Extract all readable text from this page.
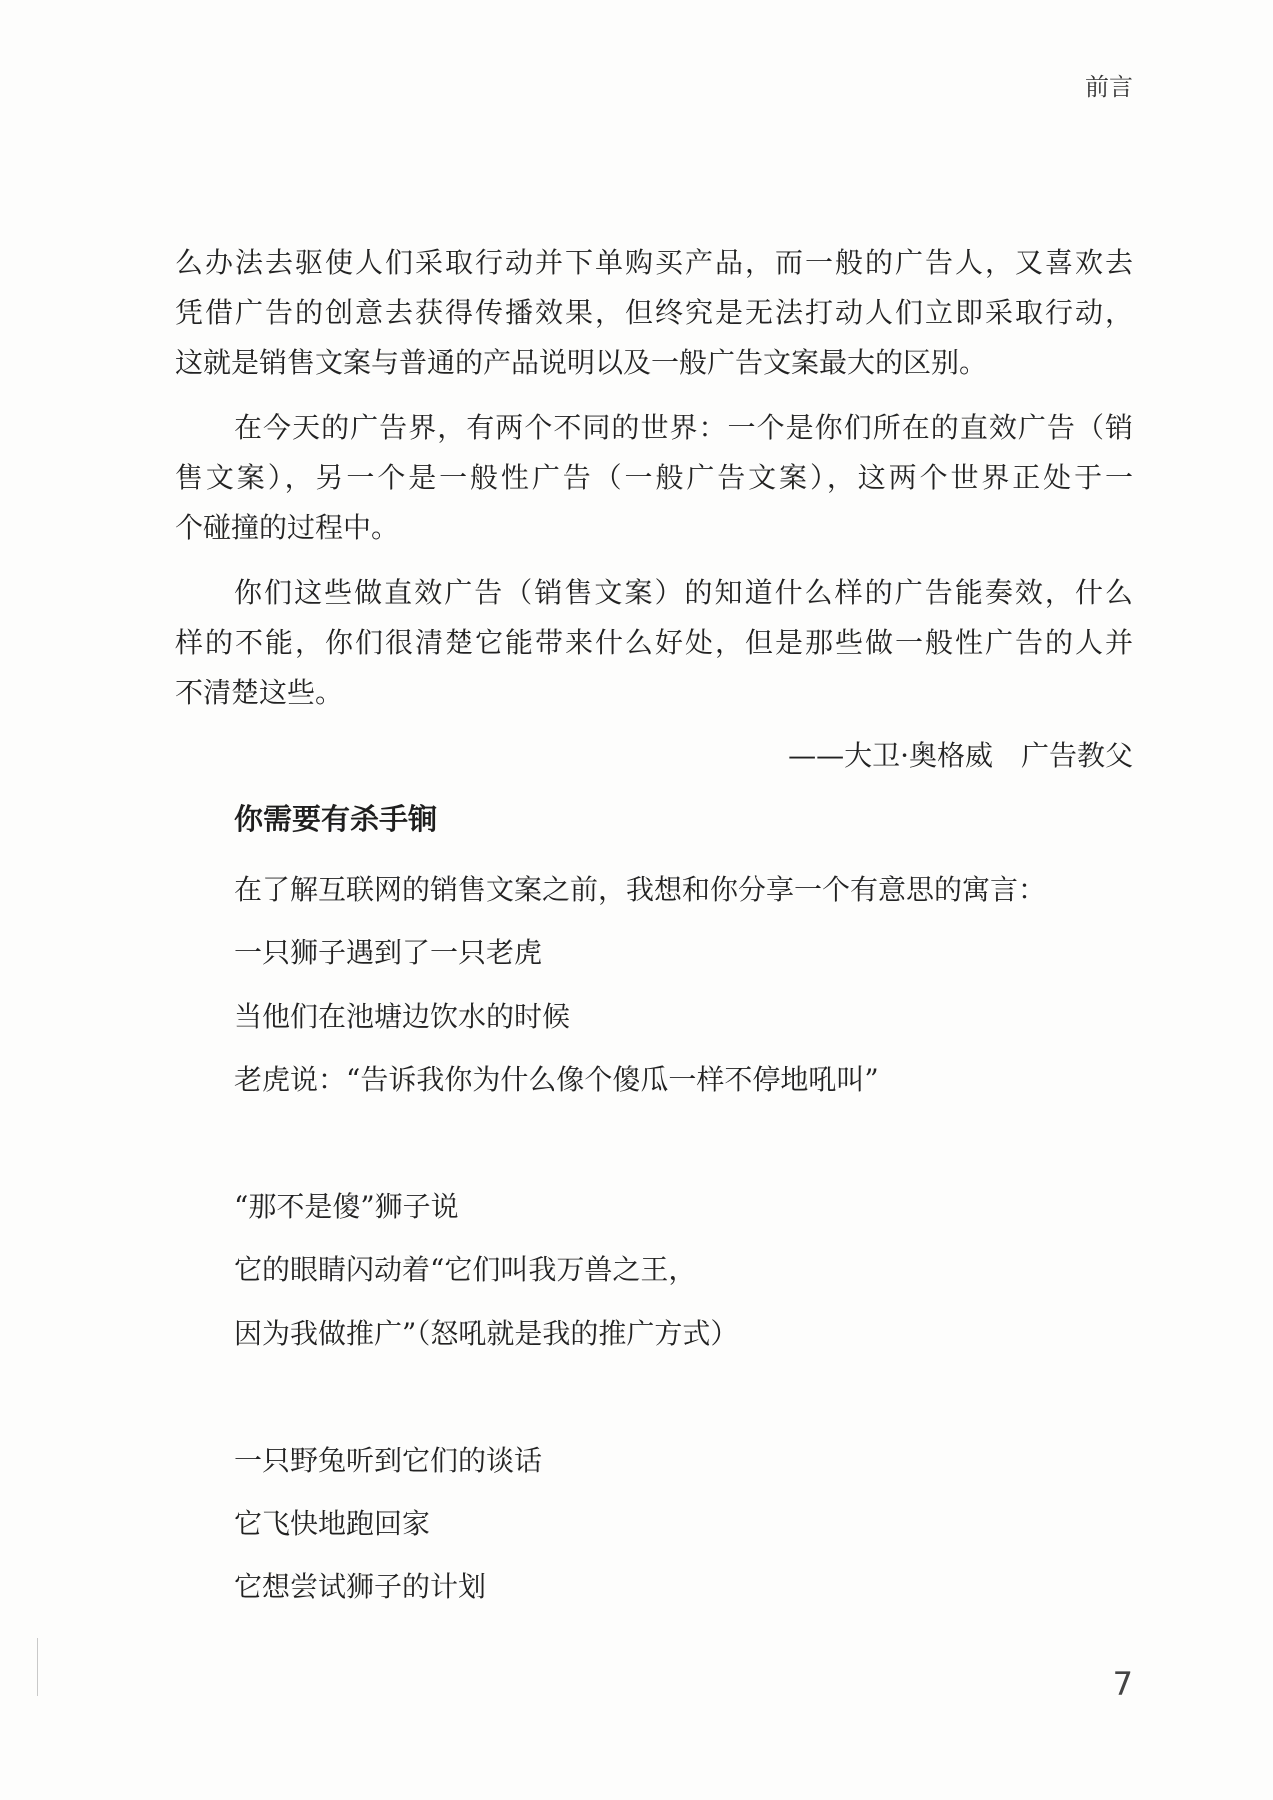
前言
么办法去驱使人们采取行动并下单购买产品，而一般的广告人，又喜欢去
凭借广告的创意去获得传播效果，但终究是无法打动人们立即采取行动，
这就是销售文案与普通的产品说明以及一般广告文案最大的区别。
在今天的广告界，有两个不同的世界：一个是你们所在的直效广告（销
售文案），另一个是一般性广告（一般广告文案），这两个世界正处于一
个碰撞的过程中。
你们这些做直效广告（销售文案）的知道什么样的广告能奏效，什么
样的不能，你们很清楚它能带来什么好处，但是那些做一般性广告的人并
不清楚这些。
——大卫·奥格威　广告教父
你需要有杀手锏
在了解互联网的销售文案之前，我想和你分享一个有意思的寓言：
一只狮子遇到了一只老虎
当他们在池塘边饮水的时候
老虎说：“告诉我你为什么像个傻瓜一样不停地吼叫”
“那不是傻”狮子说
它的眼睛闪动着“它们叫我万兽之王，
因为我做推广”（怒吼就是我的推广方式）
一只野兔听到它们的谈话
它飞快地跑回家
它想尝试狮子的计划
7
